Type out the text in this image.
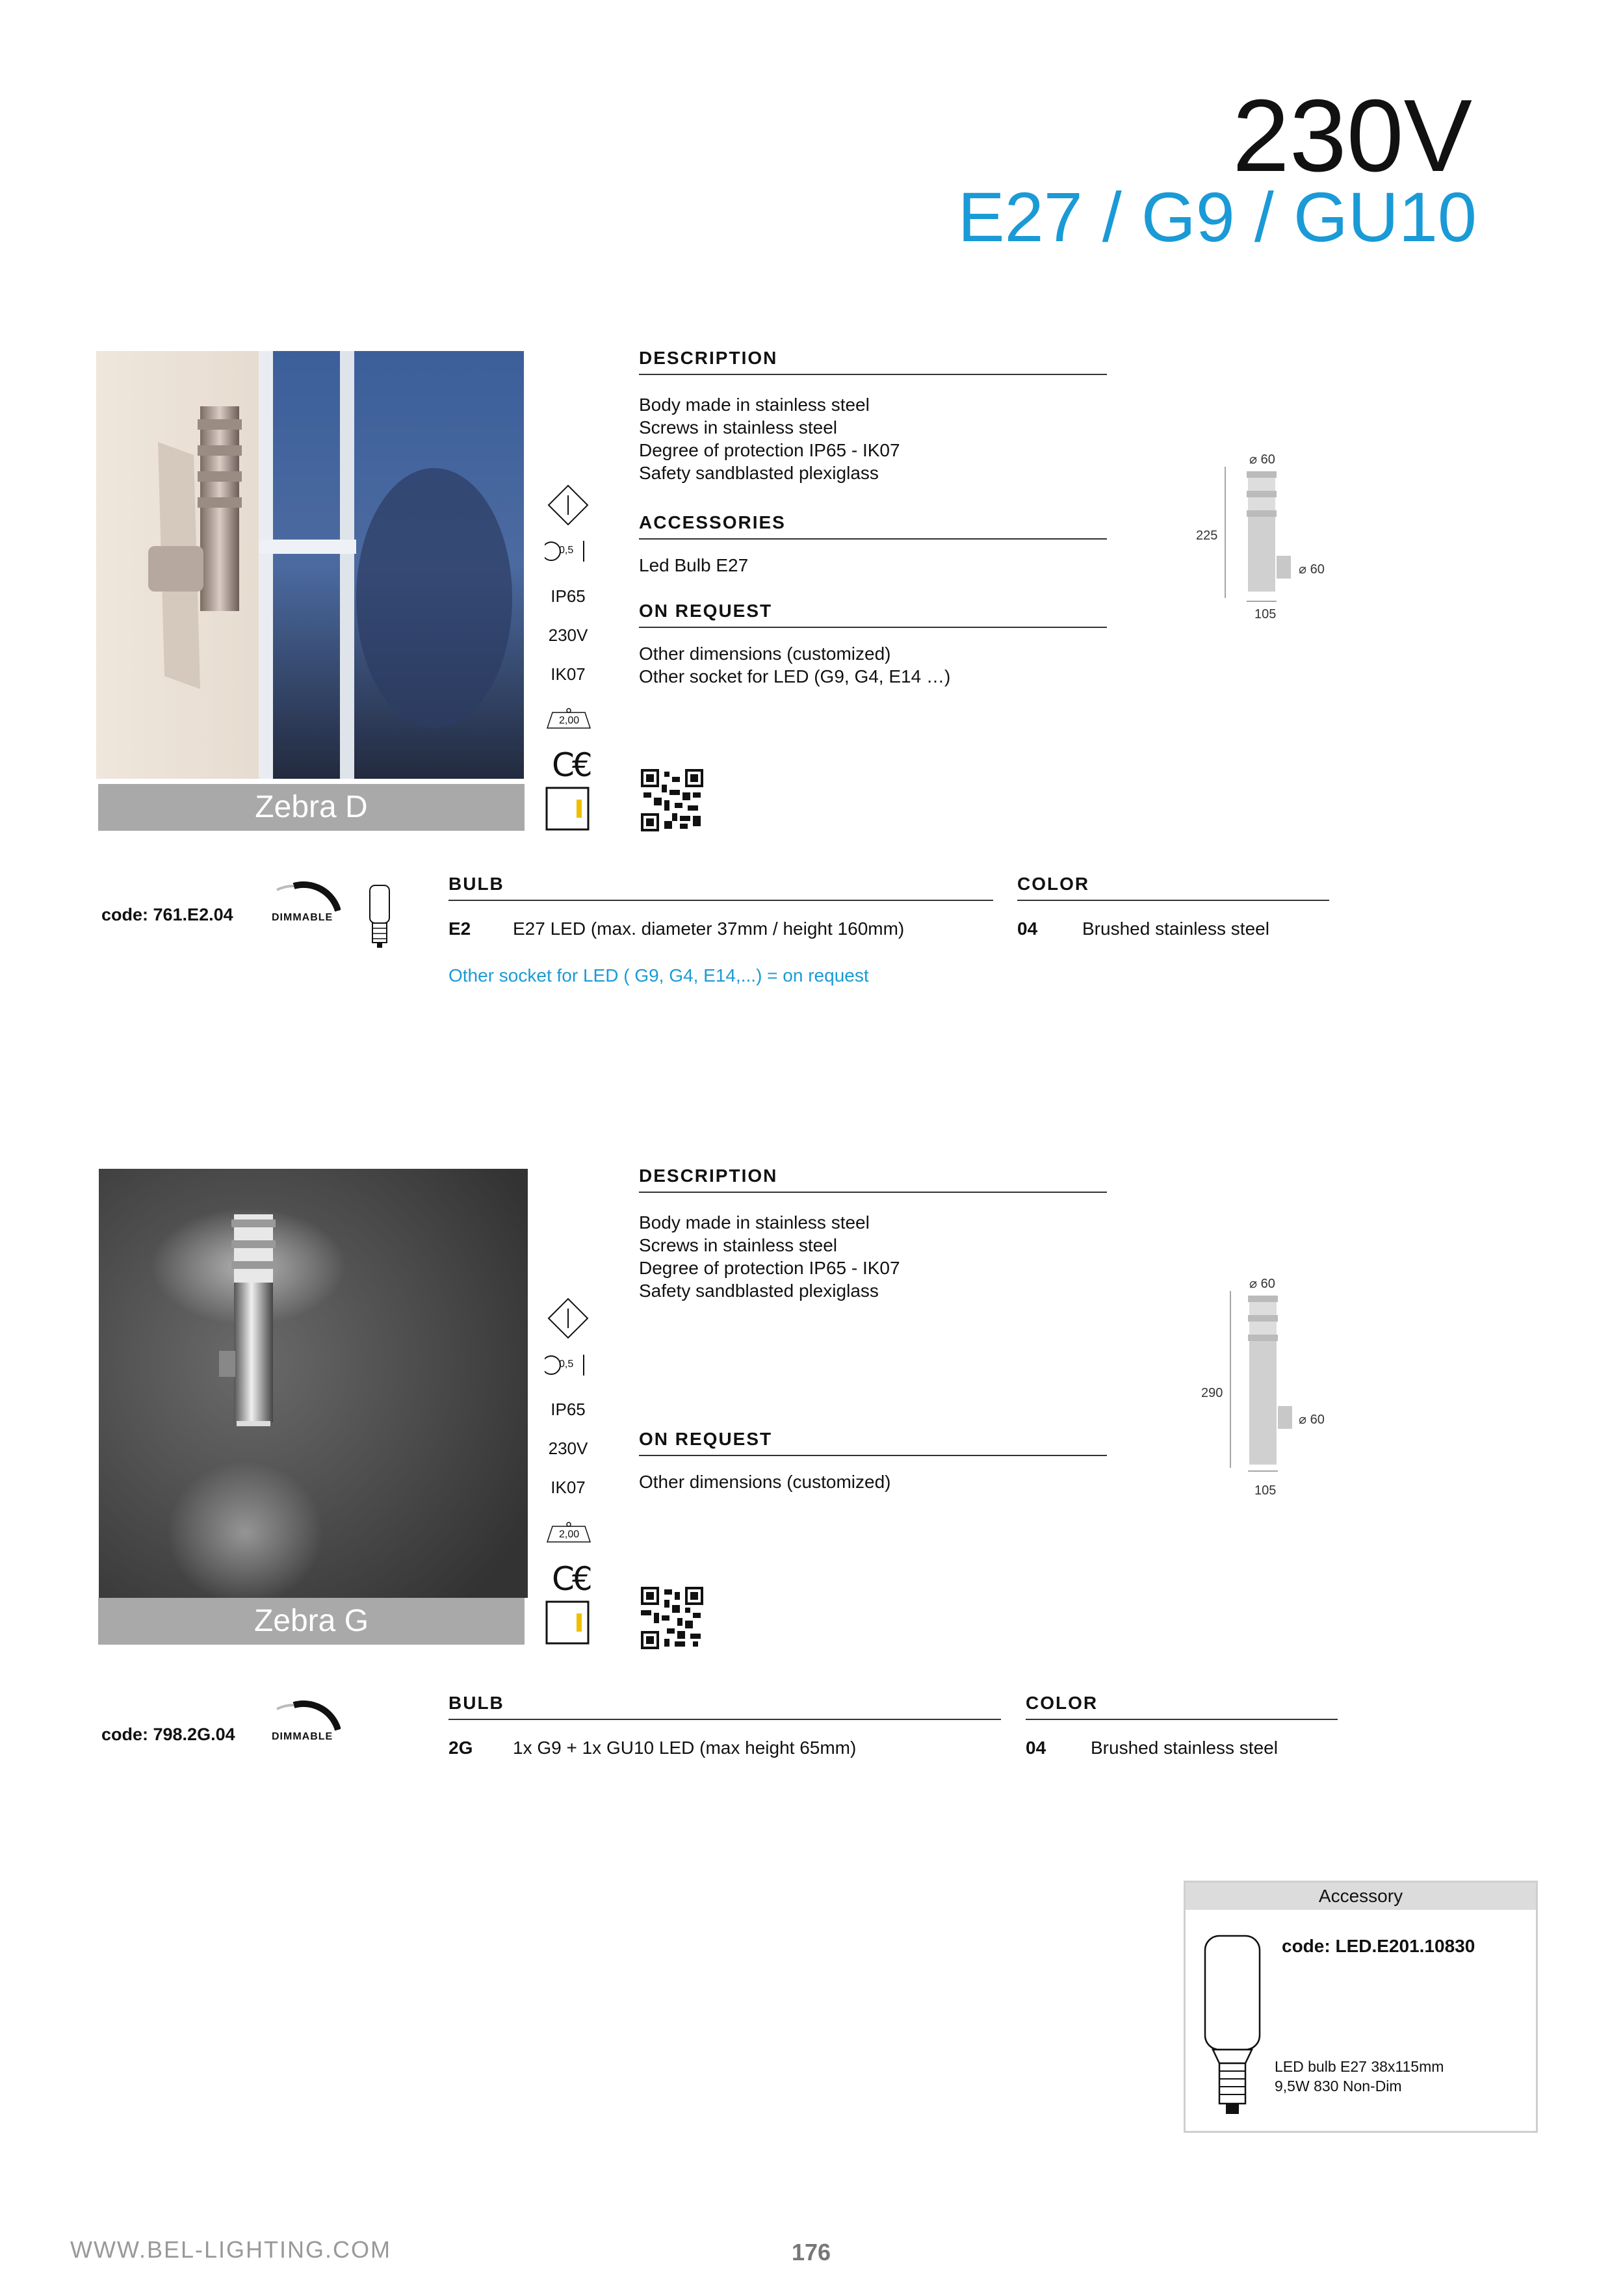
230V
E27 / G9 / GU10
Zebra D
0,5
IP65
230V
IK07
2,00
C€
DESCRIPTION
Body made in stainless steel
Screws in stainless steel
Degree of protection IP65 - IK07
Safety sandblasted plexiglass
ACCESSORIES
Led Bulb E27
ON REQUEST
Other dimensions (customized)
Other socket for LED (G9, G4, E14 …)
⌀ 60
225
⌀ 60
105
code: 761.E2.04	DIMMABLE
BULB
E2 E27 LED (max. diameter 37mm / height 160mm)
COLOR
04 Brushed stainless steel
Other socket for LED ( G9, G4, E14,...) = on request
Zebra G
0,5
IP65
230V
IK07
2,00
C€
DESCRIPTION
Body made in stainless steel
Screws in stainless steel
Degree of protection IP65 - IK07
Safety sandblasted plexiglass
ON REQUEST
Other dimensions (customized)
⌀ 60
290
⌀ 60
105
code: 798.2G.04	DIMMABLE
BULB
2G 1x G9 + 1x GU10 LED (max height 65mm)
COLOR
04 Brushed stainless steel
Accessory
code: LED.E201.10830
LED bulb E27 38x115mm
9,5W 830 Non-Dim
WWW.BEL-LIGHTING.COM	176
